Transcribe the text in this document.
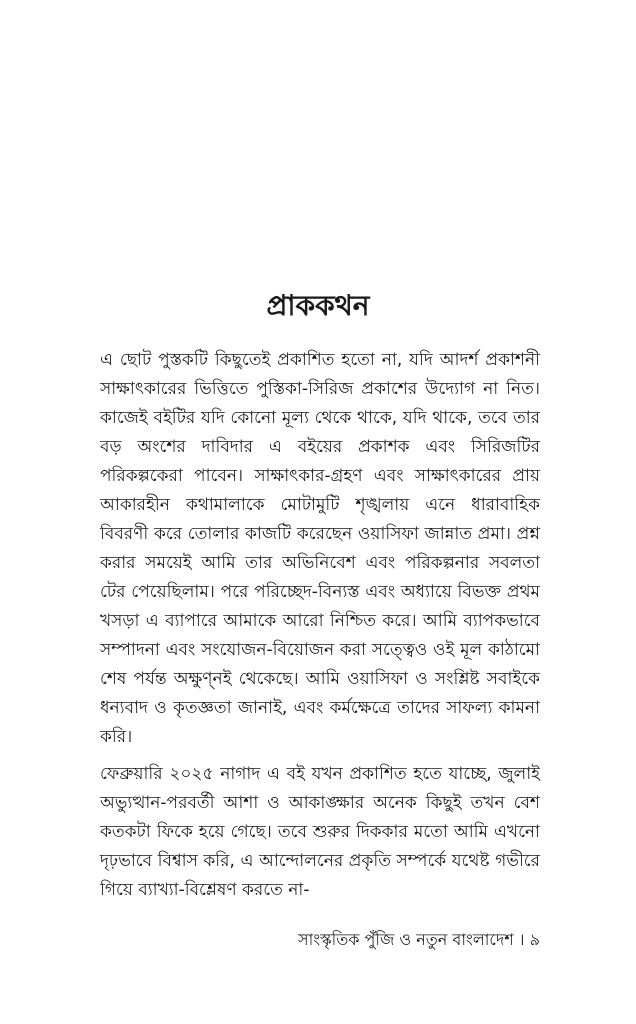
প্রাককথন

এ ছোট পুস্তকটি কিছুতেই প্রকাশিত হতো না, যদি আদর্শ প্রকাশনী সাক্ষাৎকারের ভিত্তিতে পুস্তিকা-সিরিজ প্রকাশের উদ্যোগ না নিত। কাজেই বইটির যদি কোনো মূল্য থেকে থাকে, যদি থাকে, তবে তার বড় অংশের দাবিদার এ বইয়ের প্রকাশক এবং সিরিজটির পরিকল্পকেরা পাবেন। সাক্ষাৎকার-গ্রহণ এবং সাক্ষাৎকারের প্রায় আকারহীন কথামালাকে মোটামুটি শৃঙ্খলায় এনে ধারাবাহিক বিবরণী করে তোলার কাজটি করেছেন ওয়াসিফা জান্নাত প্রমা। প্রশ্ন করার সময়েই আমি তার অভিনিবেশ এবং পরিকল্পনার সবলতা টের পেয়েছিলাম। পরে পরিচ্ছেদ-বিন্যস্ত এবং অধ্যায়ে বিভক্ত প্রথম খসড়া এ ব্যাপারে আমাকে আরো নিশ্চিত করে। আমি ব্যাপকভাবে সম্পাদনা এবং সংযোজন-বিয়োজন করা সত্ত্বেও ওই মূল কাঠামো শেষ পর্যন্ত অক্ষুণ্নই থেকেছে। আমি ওয়াসিফা ও সংশ্লিষ্ট সবাইকে ধন্যবাদ ও কৃতজ্ঞতা জানাই, এবং কর্মক্ষেত্রে তাদের সাফল্য কামনা করি।

ফেব্রুয়ারি ২০২৫ নাগাদ এ বই যখন প্রকাশিত হতে যাচ্ছে, জুলাই অভ্যুত্থান-পরবর্তী আশা ও আকাঙ্ক্ষার অনেক কিছুই তখন বেশ কতকটা ফিকে হয়ে গেছে। তবে শুরুর দিককার মতো আমি এখনো দৃঢ়ভাবে বিশ্বাস করি, এ আন্দোলনের প্রকৃতি সম্পর্কে যথেষ্ট গভীরে গিয়ে ব্যাখ্যা-বিশ্লেষণ করতে না-

সাংস্কৃতিক পুঁজি ও নতুন বাংলাদেশ । ৯
